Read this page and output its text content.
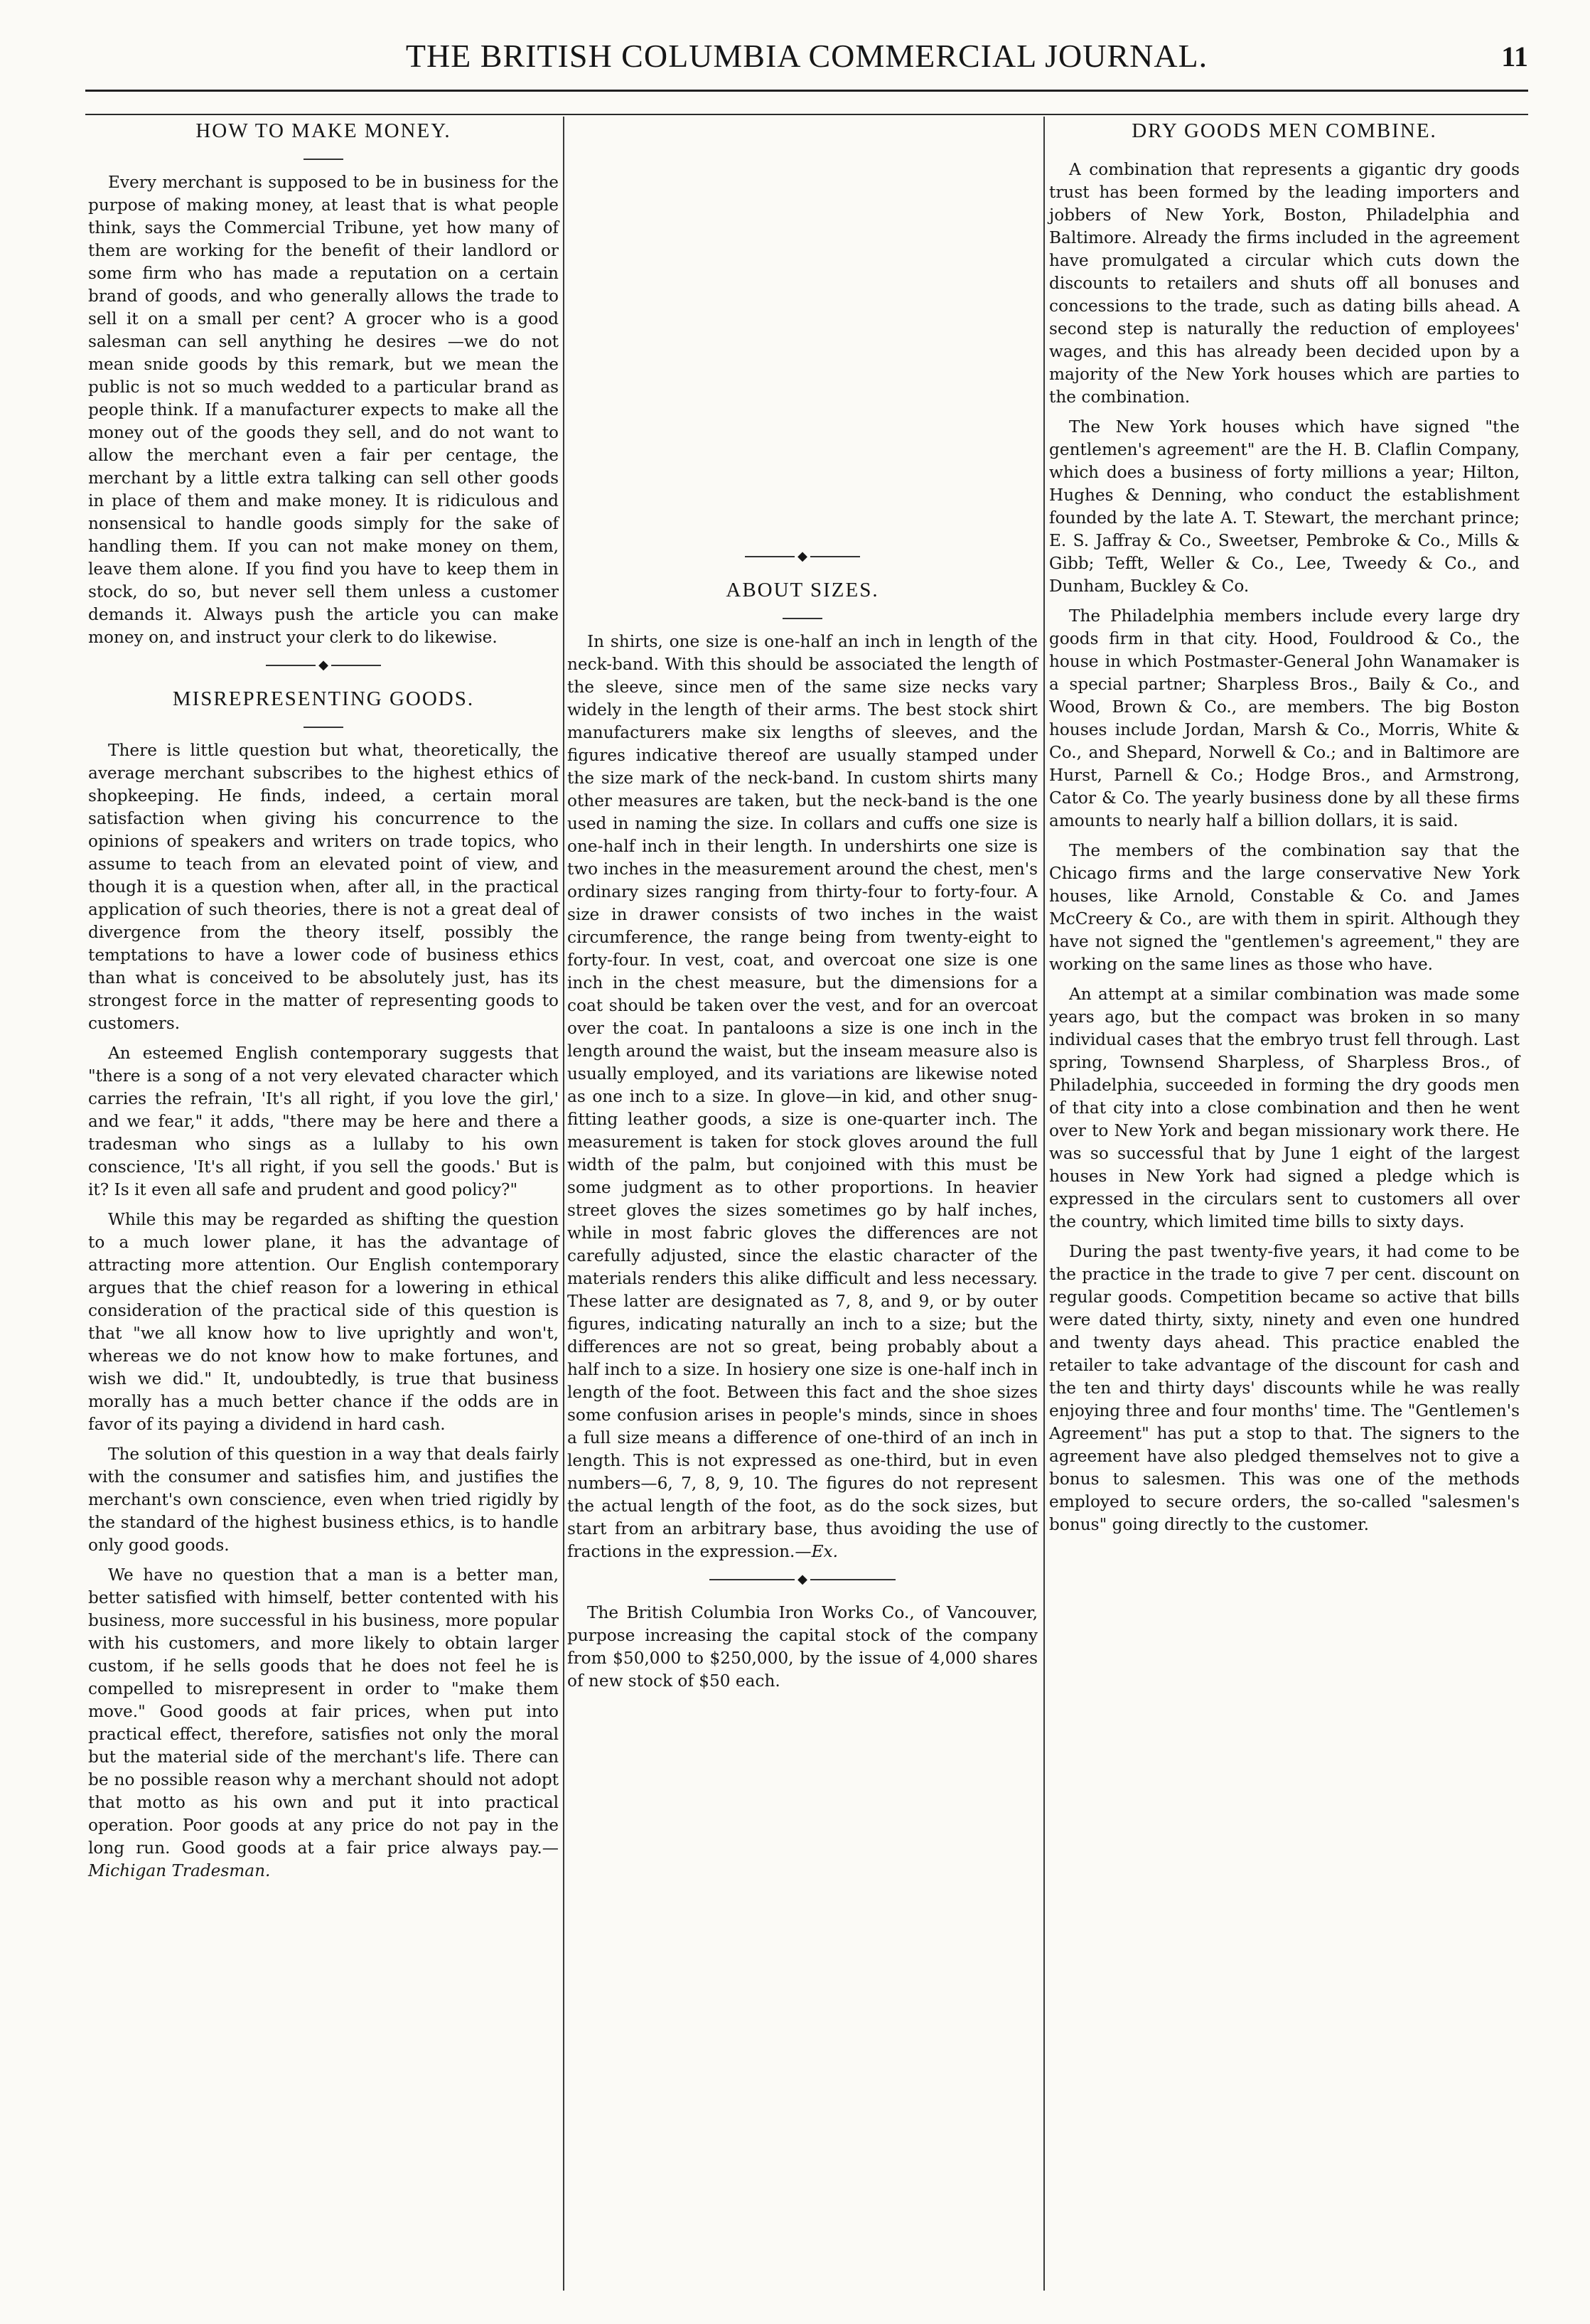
THE BRITISH COLUMBIA COMMERCIAL JOURNAL.	11
HOW TO MAKE MONEY.

Every merchant is supposed to be in business for the purpose of making money, at least that is what people think, says the Commercial Tribune, yet how many of them are working for the benefit of their landlord or some firm who has made a reputation on a certain brand of goods, and who generally allows the trade to sell it on a small per cent? A grocer who is a good salesman can sell anything he desires —we do not mean snide goods by this remark, but we mean the public is not so much wedded to a particular brand as people think. If a manufacturer expects to make all the money out of the goods they sell, and do not want to allow the merchant even a fair per centage, the merchant by a little extra talking can sell other goods in place of them and make money. It is ridiculous and nonsensical to handle goods simply for the sake of handling them. If you can not make money on them, leave them alone. If you find you have to keep them in stock, do so, but never sell them unless a customer demands it. Always push the article you can make money on, and instruct your clerk to do likewise.

◆
MISREPRESENTING GOODS.

There is little question but what, theoretically, the average merchant subscribes to the highest ethics of shopkeeping. He finds, indeed, a certain moral satisfaction when giving his concurrence to the opinions of speakers and writers on trade topics, who assume to teach from an elevated point of view, and though it is a question when, after all, in the practical application of such theories, there is not a great deal of divergence from the theory itself, possibly the temptations to have a lower code of business ethics than what is conceived to be absolutely just, has its strongest force in the matter of representing goods to customers.

An esteemed English contemporary suggests that "there is a song of a not very elevated character which carries the refrain, 'It's all right, if you love the girl,' and we fear," it adds, "there may be here and there a tradesman who sings as a lullaby to his own conscience, 'It's all right, if you sell the goods.' But is it? Is it even all safe and prudent and good policy?"

While this may be regarded as shifting the question to a much lower plane, it has the advantage of attracting more attention. Our English contemporary argues that the chief reason for a lowering in ethical consideration of the practical side of this question is that "we all know how to live uprightly and won't, whereas we do not know how to make fortunes, and wish we did." It, undoubtedly, is true that business morally has a much better chance if the odds are in favor of its paying a dividend in hard cash.

The solution of this question in a way that deals fairly with the consumer and satisfies him, and justifies the merchant's own conscience, even when tried rigidly by the standard of the highest business ethics, is to handle only good goods.

We have no question that a man is a better man, better satisfied with himself, better contented with his business, more successful in his business, more popular with his customers, and more likely to obtain larger custom, if he sells goods that he does not feel he is compelled to misrepresent in order to "make them move." Good goods at fair prices, when put into practical effect, therefore, satisfies not only the moral but the material side of the merchant's life. There can be no possible reason why a merchant should not adopt that motto as his own and put it into practical operation. Poor goods at any price do not pay in the long run. Good goods at a fair price always pay.—Michigan Tradesman.

DRY GOODS MEN COMBINE.

A combination that represents a gigantic dry goods trust has been formed by the leading importers and jobbers of New York, Boston, Philadelphia and Baltimore. Already the firms included in the agreement have promulgated a circular which cuts down the discounts to retailers and shuts off all bonuses and concessions to the trade, such as dating bills ahead. A second step is naturally the reduction of employees' wages, and this has already been decided upon by a majority of the New York houses which are parties to the combination.

The New York houses which have signed "the gentlemen's agreement" are the H. B. Claflin Company, which does a business of forty millions a year; Hilton, Hughes & Denning, who conduct the establishment founded by the late A. T. Stewart, the merchant prince; E. S. Jaffray & Co., Sweetser, Pembroke & Co., Mills & Gibb; Tefft, Weller & Co., Lee, Tweedy & Co., and Dunham, Buckley & Co.

The Philadelphia members include every large dry goods firm in that city. Hood, Fouldrood & Co., the house in which Postmaster-General John Wanamaker is a special partner; Sharpless Bros., Baily & Co., and Wood, Brown & Co., are members. The big Boston houses include Jordan, Marsh & Co., Morris, White & Co., and Shepard, Norwell & Co.; and in Baltimore are Hurst, Parnell & Co.; Hodge Bros., and Armstrong, Cator & Co. The yearly business done by all these firms amounts to nearly half a billion dollars, it is said.

The members of the combination say that the Chicago firms and the large conservative New York houses, like Arnold, Constable & Co. and James McCreery & Co., are with them in spirit. Although they have not signed the "gentlemen's agreement," they are working on the same lines as those who have.

An attempt at a similar combination was made some years ago, but the compact was broken in so many individual cases that the embryo trust fell through. Last spring, Townsend Sharpless, of Sharpless Bros., of Philadelphia, succeeded in forming the dry goods men of that city into a close combination and then he went over to New York and began missionary work there. He was so successful that by June 1 eight of the largest houses in New York had signed a pledge which is expressed in the circulars sent to customers all over the country, which limited time bills to sixty days.

During the past twenty-five years, it had come to be the practice in the trade to give 7 per cent. discount on regular goods. Competition became so active that bills were dated thirty, sixty, ninety and even one hundred and twenty days ahead. This practice enabled the retailer to take advantage of the discount for cash and the ten and thirty days' discounts while he was really enjoying three and four months' time. The "Gentlemen's Agreement" has put a stop to that. The signers to the agreement have also pledged themselves not to give a bonus to salesmen. This was one of the methods employed to secure orders, the so-called "salesmen's bonus" going directly to the customer.

◆
ABOUT SIZES.

In shirts, one size is one-half an inch in length of the neck-band. With this should be associated the length of the sleeve, since men of the same size necks vary widely in the length of their arms. The best stock shirt manufacturers make six lengths of sleeves, and the figures indicative thereof are usually stamped under the size mark of the neck-band. In custom shirts many other measures are taken, but the neck-band is the one used in naming the size. In collars and cuffs one size is one-half inch in their length. In undershirts one size is two inches in the measurement around the chest, men's ordinary sizes ranging from thirty-four to forty-four. A size in drawer consists of two inches in the waist circumference, the range being from twenty-eight to forty-four. In vest, coat, and overcoat one size is one inch in the chest measure, but the dimensions for a coat should be taken over the vest, and for an overcoat over the coat. In pantaloons a size is one inch in the length around the waist, but the inseam measure also is usually employed, and its variations are likewise noted as one inch to a size. In glove—in kid, and other snug-fitting leather goods, a size is one-quarter inch. The measurement is taken for stock gloves around the full width of the palm, but conjoined with this must be some judgment as to other proportions. In heavier street gloves the sizes sometimes go by half inches, while in most fabric gloves the differences are not carefully adjusted, since the elastic character of the materials renders this alike difficult and less necessary. These latter are designated as 7, 8, and 9, or by outer figures, indicating naturally an inch to a size; but the differences are not so great, being probably about a half inch to a size. In hosiery one size is one-half inch in length of the foot. Between this fact and the shoe sizes some confusion arises in people's minds, since in shoes a full size means a difference of one-third of an inch in length. This is not expressed as one-third, but in even numbers—6, 7, 8, 9, 10. The figures do not represent the actual length of the foot, as do the sock sizes, but start from an arbitrary base, thus avoiding the use of fractions in the expression.—Ex.

◆

The British Columbia Iron Works Co., of Vancouver, purpose increasing the capital stock of the company from $50,000 to $250,000, by the issue of 4,000 shares of new stock of $50 each.
